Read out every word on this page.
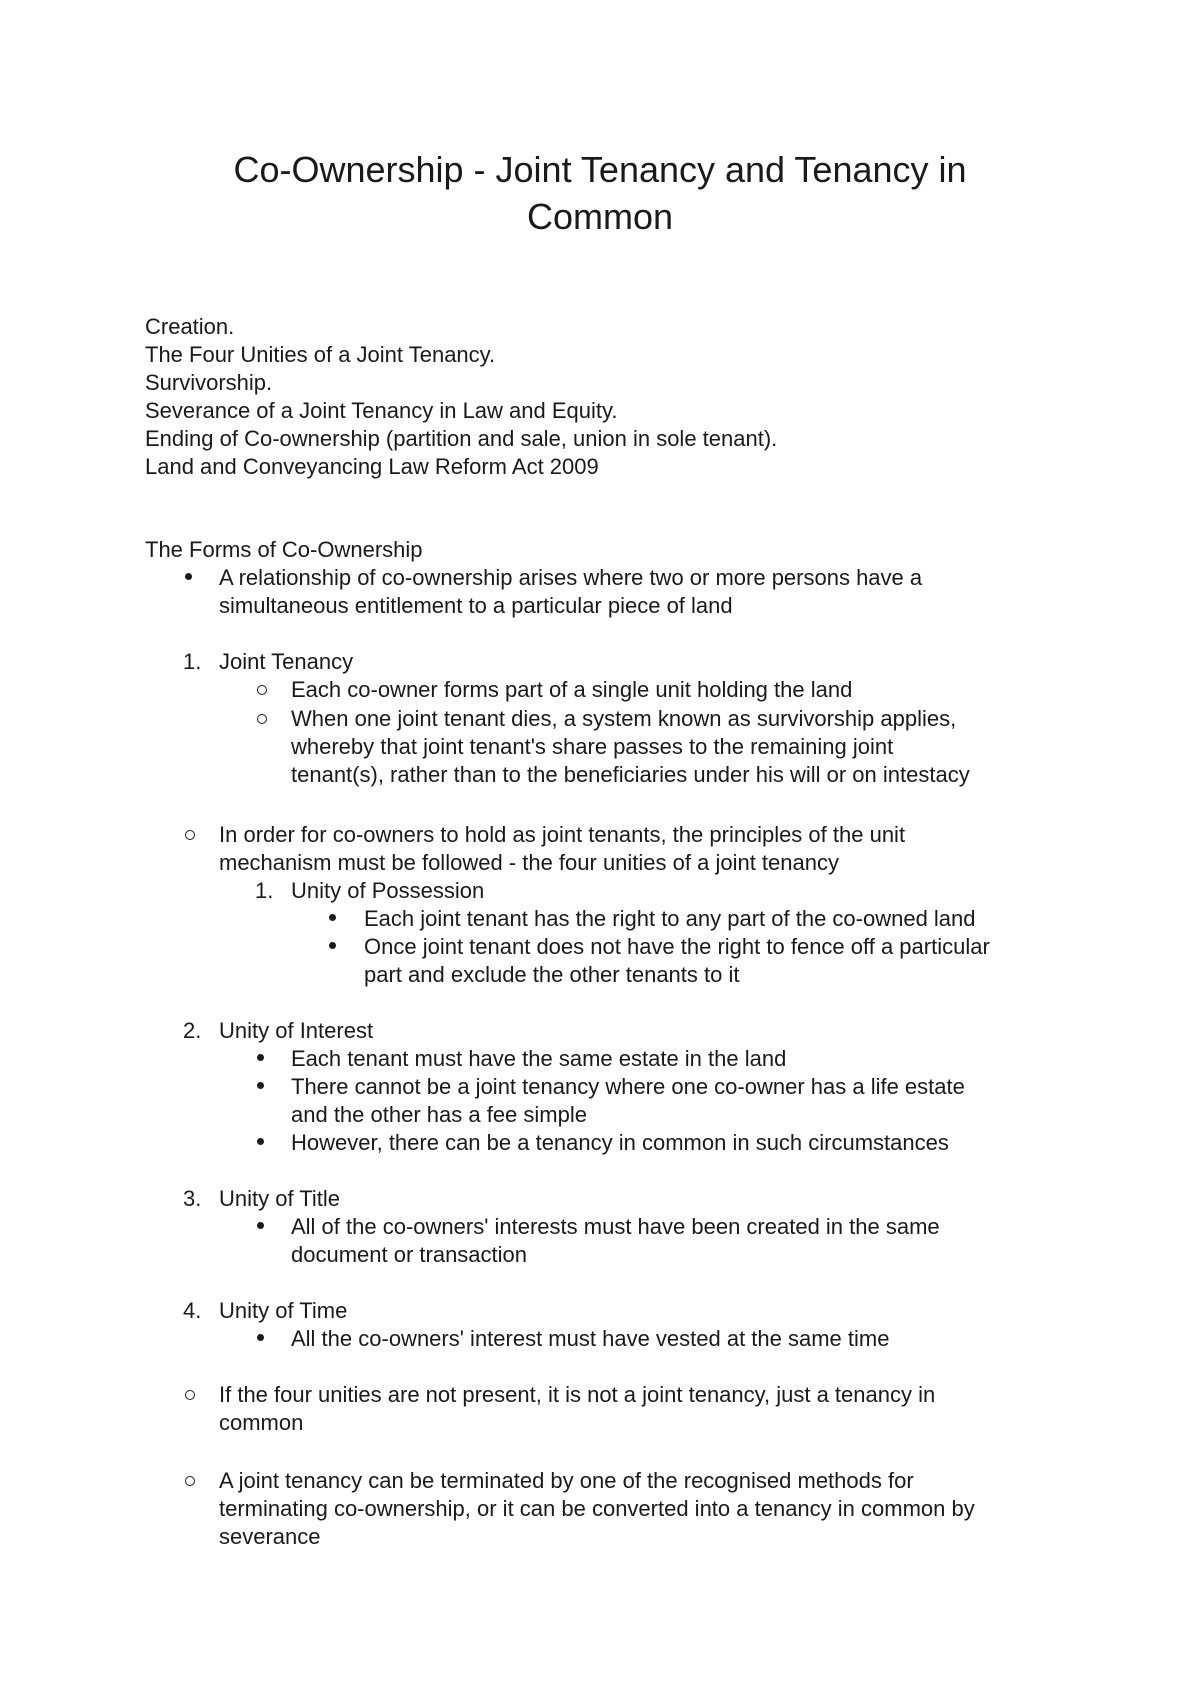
Co-Ownership - Joint Tenancy and Tenancy in
Common
Creation.
The Four Unities of a Joint Tenancy.
Survivorship.
Severance of a Joint Tenancy in Law and Equity.
Ending of Co-ownership (partition and sale, union in sole tenant).
Land and Conveyancing Law Reform Act 2009
The Forms of Co-Ownership
A relationship of co-ownership arises where two or more persons have a
simultaneous entitlement to a particular piece of land
1. Joint Tenancy
Each co-owner forms part of a single unit holding the land
When one joint tenant dies, a system known as survivorship applies,
whereby that joint tenant's share passes to the remaining joint
tenant(s), rather than to the beneficiaries under his will or on intestacy
In order for co-owners to hold as joint tenants, the principles of the unit
mechanism must be followed - the four unities of a joint tenancy
1. Unity of Possession
Each joint tenant has the right to any part of the co-owned land
Once joint tenant does not have the right to fence off a particular
part and exclude the other tenants to it
2. Unity of Interest
Each tenant must have the same estate in the land
There cannot be a joint tenancy where one co-owner has a life estate
and the other has a fee simple
However, there can be a tenancy in common in such circumstances
3. Unity of Title
All of the co-owners' interests must have been created in the same
document or transaction
4. Unity of Time
All the co-owners' interest must have vested at the same time
If the four unities are not present, it is not a joint tenancy, just a tenancy in
common
A joint tenancy can be terminated by one of the recognised methods for
terminating co-ownership, or it can be converted into a tenancy in common by
severance
